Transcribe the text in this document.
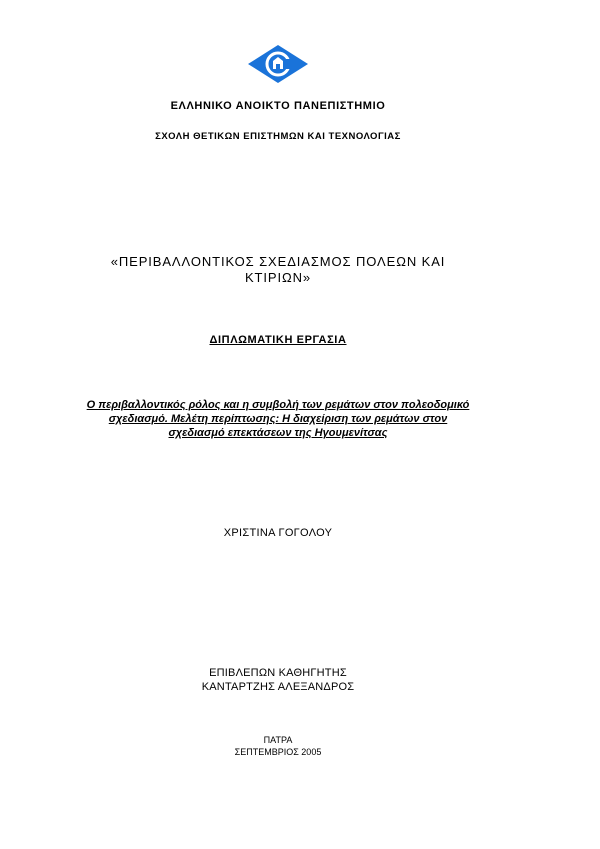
ΕΛΛΗΝΙΚΟ ΑΝΟΙΚΤΟ ΠΑΝΕΠΙΣΤΗΜΙΟ
ΣΧΟΛΗ ΘΕΤΙΚΩΝ ΕΠΙΣΤΗΜΩΝ ΚΑΙ ΤΕΧΝΟΛΟΓΙΑΣ
«ΠΕΡΙΒΑΛΛΟΝΤΙΚΟΣ ΣΧΕΔΙΑΣΜΟΣ ΠΟΛΕΩΝ ΚΑΙ
ΚΤΙΡΙΩΝ»
ΔΙΠΛΩΜΑΤΙΚΗ ΕΡΓΑΣΙΑ
Ο περιβαλλοντικός ρόλος και η συμβολή των ρεμάτων στον πολεοδομικό
σχεδιασμό. Μελέτη περίπτωσης: Η διαχείριση των ρεμάτων στον
σχεδιασμό επεκτάσεων της Ηγουμενίτσας
ΧΡΙΣΤΙΝΑ ΓΟΓΟΛΟΥ
ΕΠΙΒΛΕΠΩΝ ΚΑΘΗΓΗΤΗΣ
ΚΑΝΤΑΡΤΖΗΣ ΑΛΕΞΑΝΔΡΟΣ
ΠΑΤΡΑ
ΣΕΠΤΕΜΒΡΙΟΣ 2005
